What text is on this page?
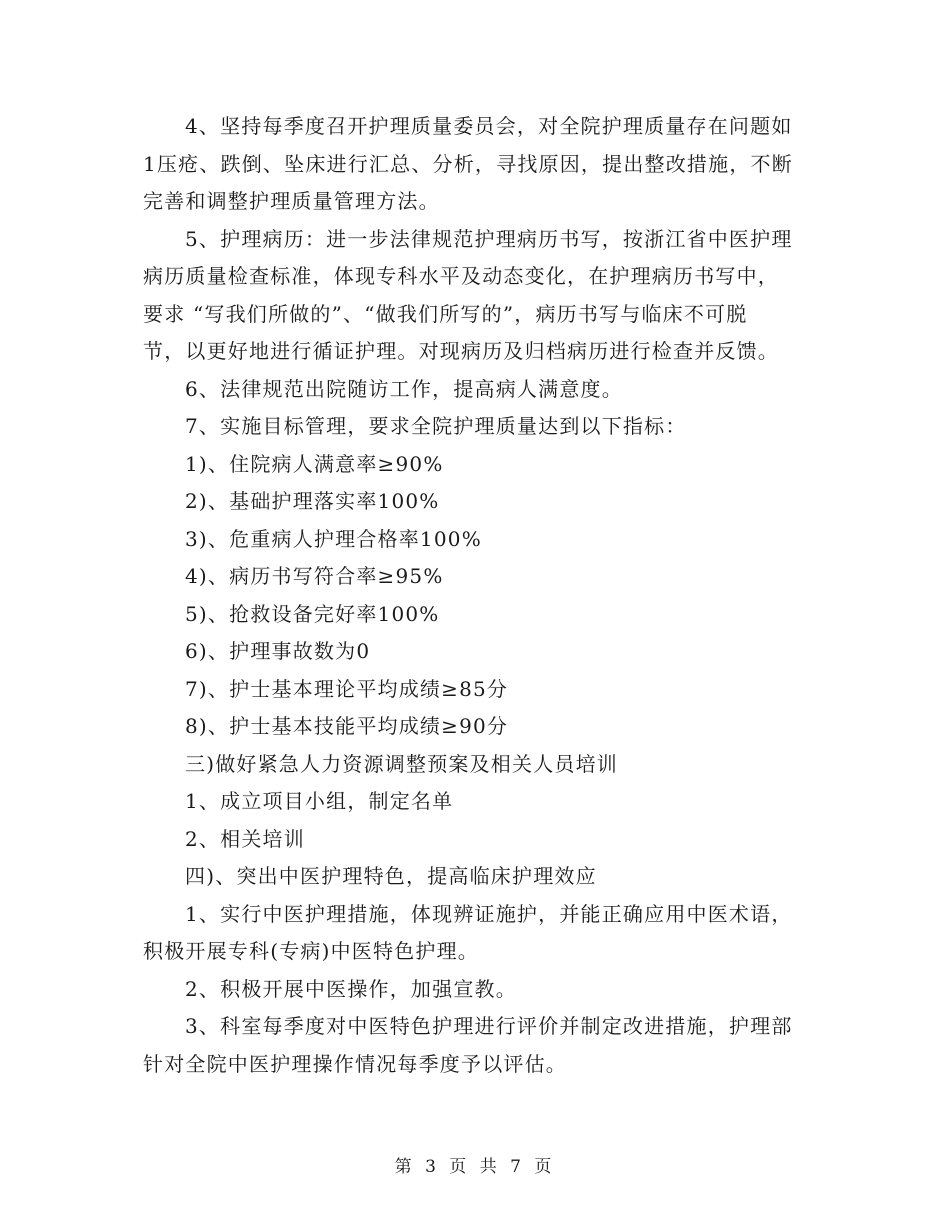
4、坚持每季度召开护理质量委员会，对全院护理质量存在问题如
1压疮、跌倒、坠床进行汇总、分析，寻找原因，提出整改措施，不断
完善和调整护理质量管理方法。
5、护理病历：进一步法律规范护理病历书写，按浙江省中医护理
病历质量检查标准，体现专科水平及动态变化，在护理病历书写中，
要求 “写我们所做的”、“做我们所写的”，病历书写与临床不可脱
节，以更好地进行循证护理。对现病历及归档病历进行检查并反馈。
6、法律规范出院随访工作，提高病人满意度。
7、实施目标管理，要求全院护理质量达到以下指标：
1)、住院病人满意率≥90%
2)、基础护理落实率100%
3)、危重病人护理合格率100%
4)、病历书写符合率≥95%
5)、抢救设备完好率100%
6)、护理事故数为0
7)、护士基本理论平均成绩≥85分
8)、护士基本技能平均成绩≥90分
三)做好紧急人力资源调整预案及相关人员培训
1、成立项目小组，制定名单
2、相关培训
四)、突出中医护理特色，提高临床护理效应
1、实行中医护理措施，体现辨证施护，并能正确应用中医术语，
积极开展专科(专病)中医特色护理。
2、积极开展中医操作，加强宣教。
3、科室每季度对中医特色护理进行评价并制定改进措施，护理部
针对全院中医护理操作情况每季度予以评估。
第 3 页 共 7 页
